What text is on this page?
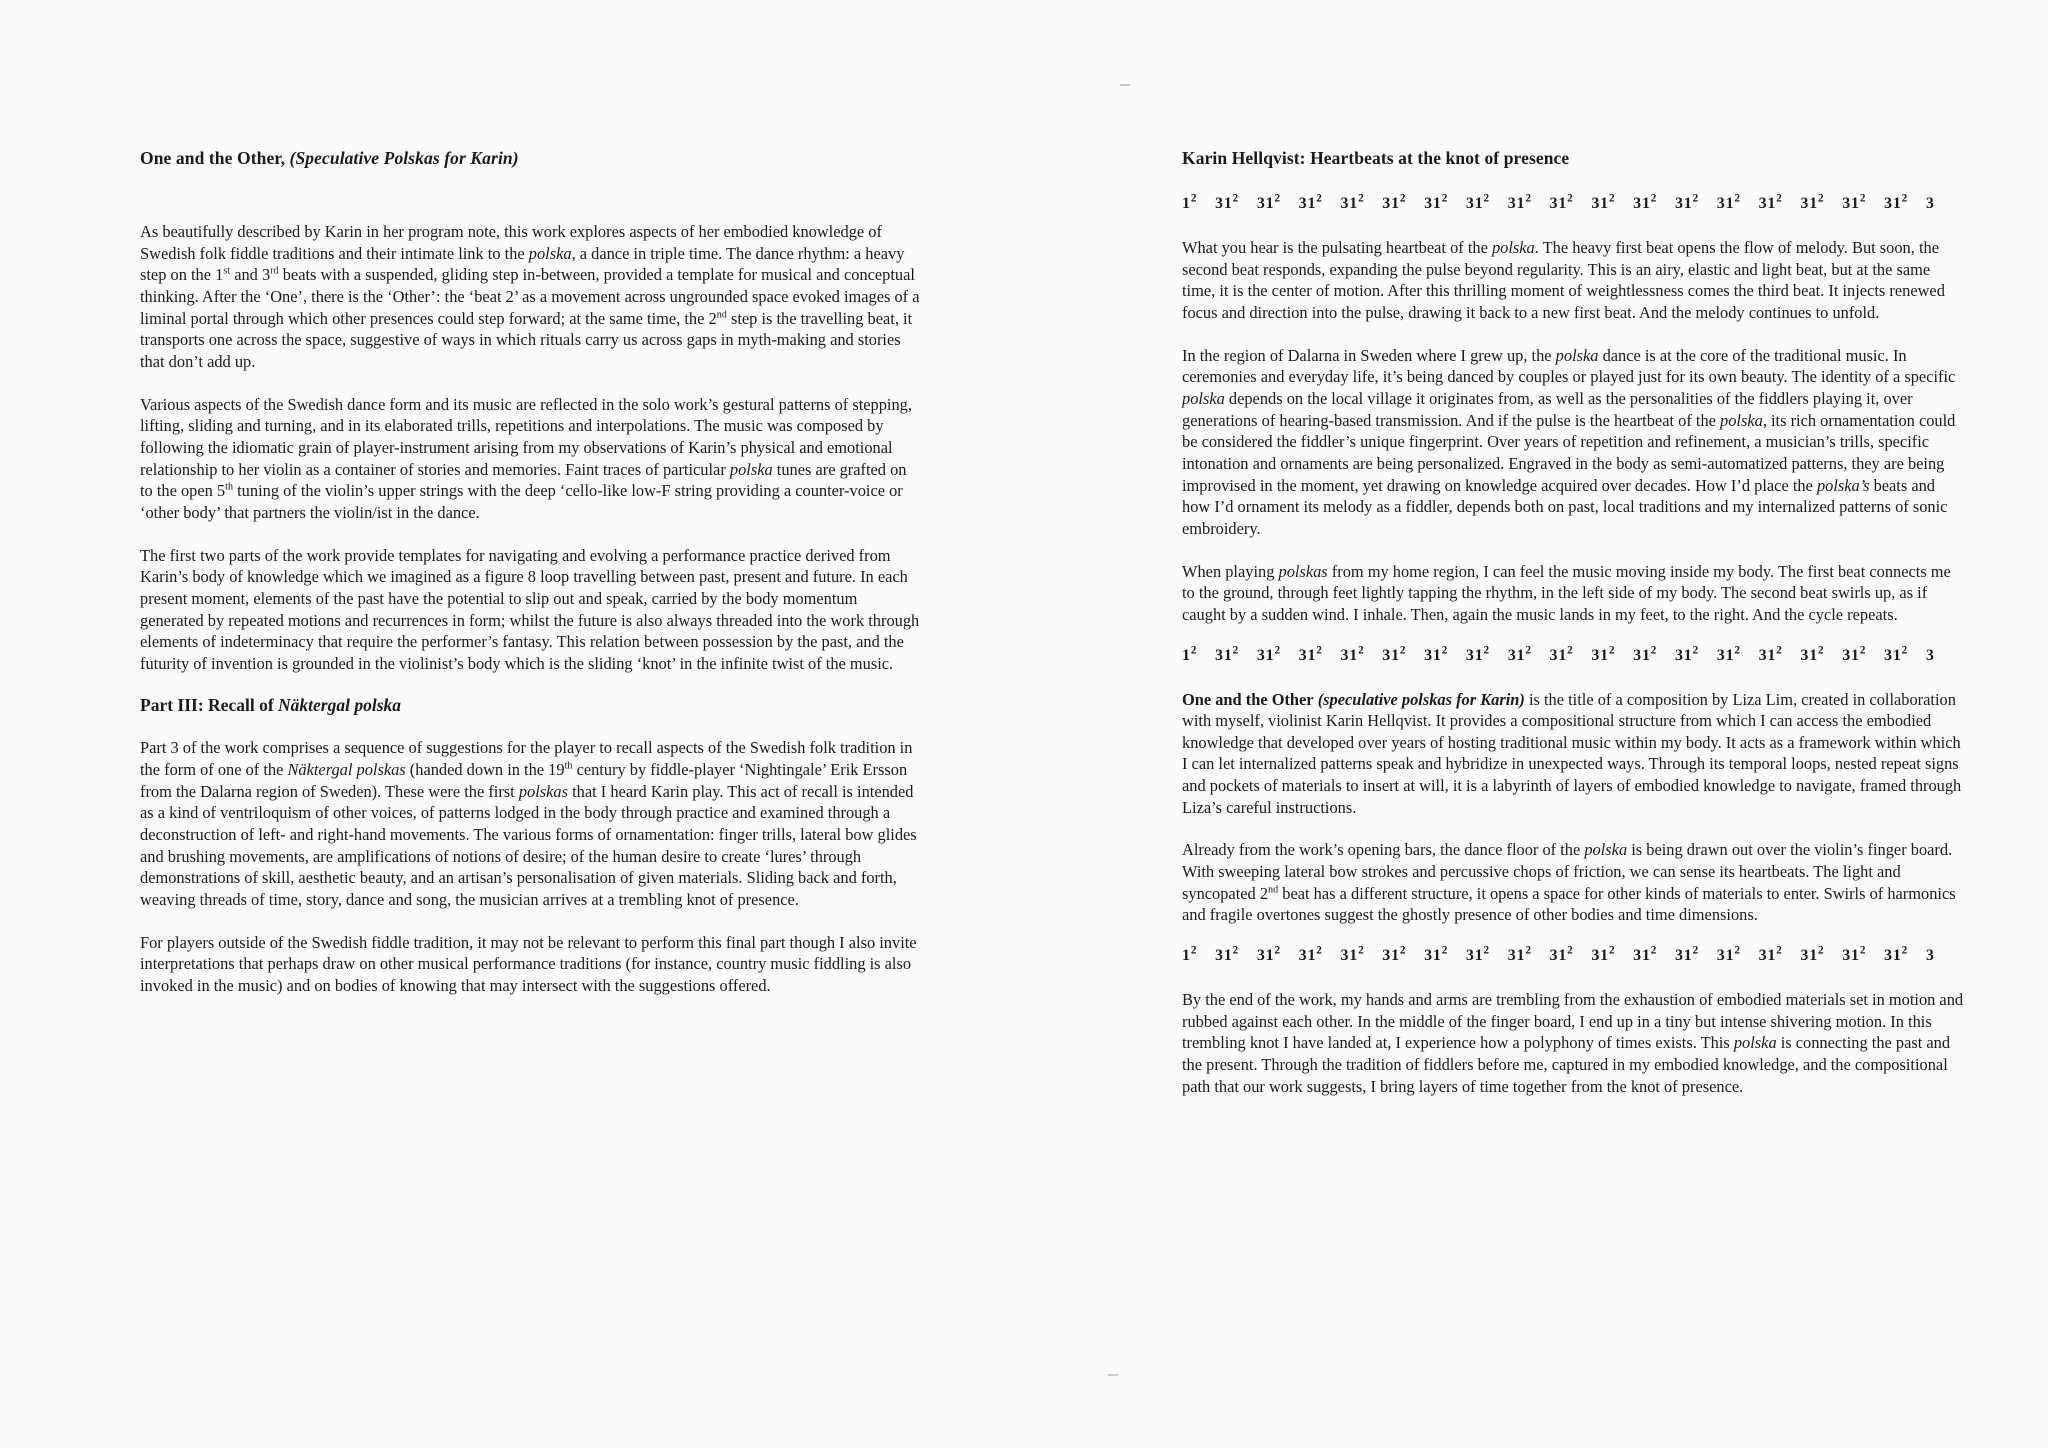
One and the Other, (Speculative Polskas for Karin)

As beautifully described by Karin in her program note, this work explores aspects of her embodied knowledge of Swedish folk fiddle traditions and their intimate link to the polska, a dance in triple time. The dance rhythm: a heavy step on the 1st and 3rd beats with a suspended, gliding step in-between, provided a template for musical and conceptual thinking. After the ‘One’, there is the ‘Other’: the ‘beat 2’ as a movement across ungrounded space evoked images of a liminal portal through which other presences could step forward; at the same time, the 2nd step is the travelling beat, it transports one across the space, suggestive of ways in which rituals carry us across gaps in myth-making and stories that don’t add up.

Various aspects of the Swedish dance form and its music are reflected in the solo work’s gestural patterns of stepping, lifting, sliding and turning, and in its elaborated trills, repetitions and interpolations. The music was composed by following the idiomatic grain of player-instrument arising from my observations of Karin’s physical and emotional relationship to her violin as a container of stories and memories. Faint traces of particular polska tunes are grafted on to the open 5th tuning of the violin’s upper strings with the deep ‘cello-like low-F string providing a counter-voice or ‘other body’ that partners the violin/ist in the dance.

The first two parts of the work provide templates for navigating and evolving a performance practice derived from Karin’s body of knowledge which we imagined as a figure 8 loop travelling between past, present and future. In each present moment, elements of the past have the potential to slip out and speak, carried by the body momentum generated by repeated motions and recurrences in form; whilst the future is also always threaded into the work through elements of indeterminacy that require the performer’s fantasy. This relation between possession by the past, and the futurity of invention is grounded in the violinist’s body which is the sliding ‘knot’ in the infinite twist of the music.

Part III: Recall of Näktergal polska

Part 3 of the work comprises a sequence of suggestions for the player to recall aspects of the Swedish folk tradition in the form of one of the Näktergal polskas (handed down in the 19th century by fiddle-player ‘Nightingale’ Erik Ersson from the Dalarna region of Sweden). These were the first polskas that I heard Karin play. This act of recall is intended as a kind of ventriloquism of other voices, of patterns lodged in the body through practice and examined through a deconstruction of left- and right-hand movements. The various forms of ornamentation: finger trills, lateral bow glides and brushing movements, are amplifications of notions of desire; of the human desire to create ‘lures’ through demonstrations of skill, aesthetic beauty, and an artisan’s personalisation of given materials. Sliding back and forth, weaving threads of time, story, dance and song, the musician arrives at a trembling knot of presence.

For players outside of the Swedish fiddle tradition, it may not be relevant to perform this final part though I also invite interpretations that perhaps draw on other musical performance traditions (for instance, country music fiddling is also invoked in the music) and on bodies of knowing that may intersect with the suggestions offered.

Karin Hellqvist: Heartbeats at the knot of presence
$1^2$ $31^2$ $31^2$ $31^2$ $31^2$ $31^2$ $31^2$ $31^2$ $31^2$ $31^2$ $31^2$ $31^2$ $31^2$ $31^2$ $31^2$ $31^2$ $31^2$ $31^2$ 3

What you hear is the pulsating heartbeat of the polska. The heavy first beat opens the flow of melody. But soon, the second beat responds, expanding the pulse beyond regularity. This is an airy, elastic and light beat, but at the same time, it is the center of motion. After this thrilling moment of weightlessness comes the third beat. It injects renewed focus and direction into the pulse, drawing it back to a new first beat. And the melody continues to unfold.

In the region of Dalarna in Sweden where I grew up, the polska dance is at the core of the traditional music. In ceremonies and everyday life, it’s being danced by couples or played just for its own beauty. The identity of a specific polska depends on the local village it originates from, as well as the personalities of the fiddlers playing it, over generations of hearing-based transmission. And if the pulse is the heartbeat of the polska, its rich ornamentation could be considered the fiddler’s unique fingerprint. Over years of repetition and refinement, a musician’s trills, specific intonation and ornaments are being personalized. Engraved in the body as semi-automatized patterns, they are being improvised in the moment, yet drawing on knowledge acquired over decades. How I’d place the polska’s beats and how I’d ornament its melody as a fiddler, depends both on past, local traditions and my internalized patterns of sonic embroidery.

When playing polskas from my home region, I can feel the music moving inside my body. The first beat connects me to the ground, through feet lightly tapping the rhythm, in the left side of my body. The second beat swirls up, as if caught by a sudden wind. I inhale. Then, again the music lands in my feet, to the right. And the cycle repeats.

$1^2$ $31^2$ $31^2$ $31^2$ $31^2$ $31^2$ $31^2$ $31^2$ $31^2$ $31^2$ $31^2$ $31^2$ $31^2$ $31^2$ $31^2$ $31^2$ $31^2$ $31^2$ 3

One and the Other (speculative polskas for Karin) is the title of a composition by Liza Lim, created in collaboration with myself, violinist Karin Hellqvist. It provides a compositional structure from which I can access the embodied knowledge that developed over years of hosting traditional music within my body. It acts as a framework within which I can let internalized patterns speak and hybridize in unexpected ways. Through its temporal loops, nested repeat signs and pockets of materials to insert at will, it is a labyrinth of layers of embodied knowledge to navigate, framed through Liza’s careful instructions.

Already from the work’s opening bars, the dance floor of the polska is being drawn out over the violin’s finger board. With sweeping lateral bow strokes and percussive chops of friction, we can sense its heartbeats. The light and syncopated 2nd beat has a different structure, it opens a space for other kinds of materials to enter. Swirls of harmonics and fragile overtones suggest the ghostly presence of other bodies and time dimensions.

$1^2$ $31^2$ $31^2$ $31^2$ $31^2$ $31^2$ $31^2$ $31^2$ $31^2$ $31^2$ $31^2$ $31^2$ $31^2$ $31^2$ $31^2$ $31^2$ $31^2$ $31^2$ 3

By the end of the work, my hands and arms are trembling from the exhaustion of embodied materials set in motion and rubbed against each other. In the middle of the finger board, I end up in a tiny but intense shivering motion. In this trembling knot I have landed at, I experience how a polyphony of times exists. This polska is connecting the past and the present. Through the tradition of fiddlers before me, captured in my embodied knowledge, and the compositional path that our work suggests, I bring layers of time together from the knot of presence.
